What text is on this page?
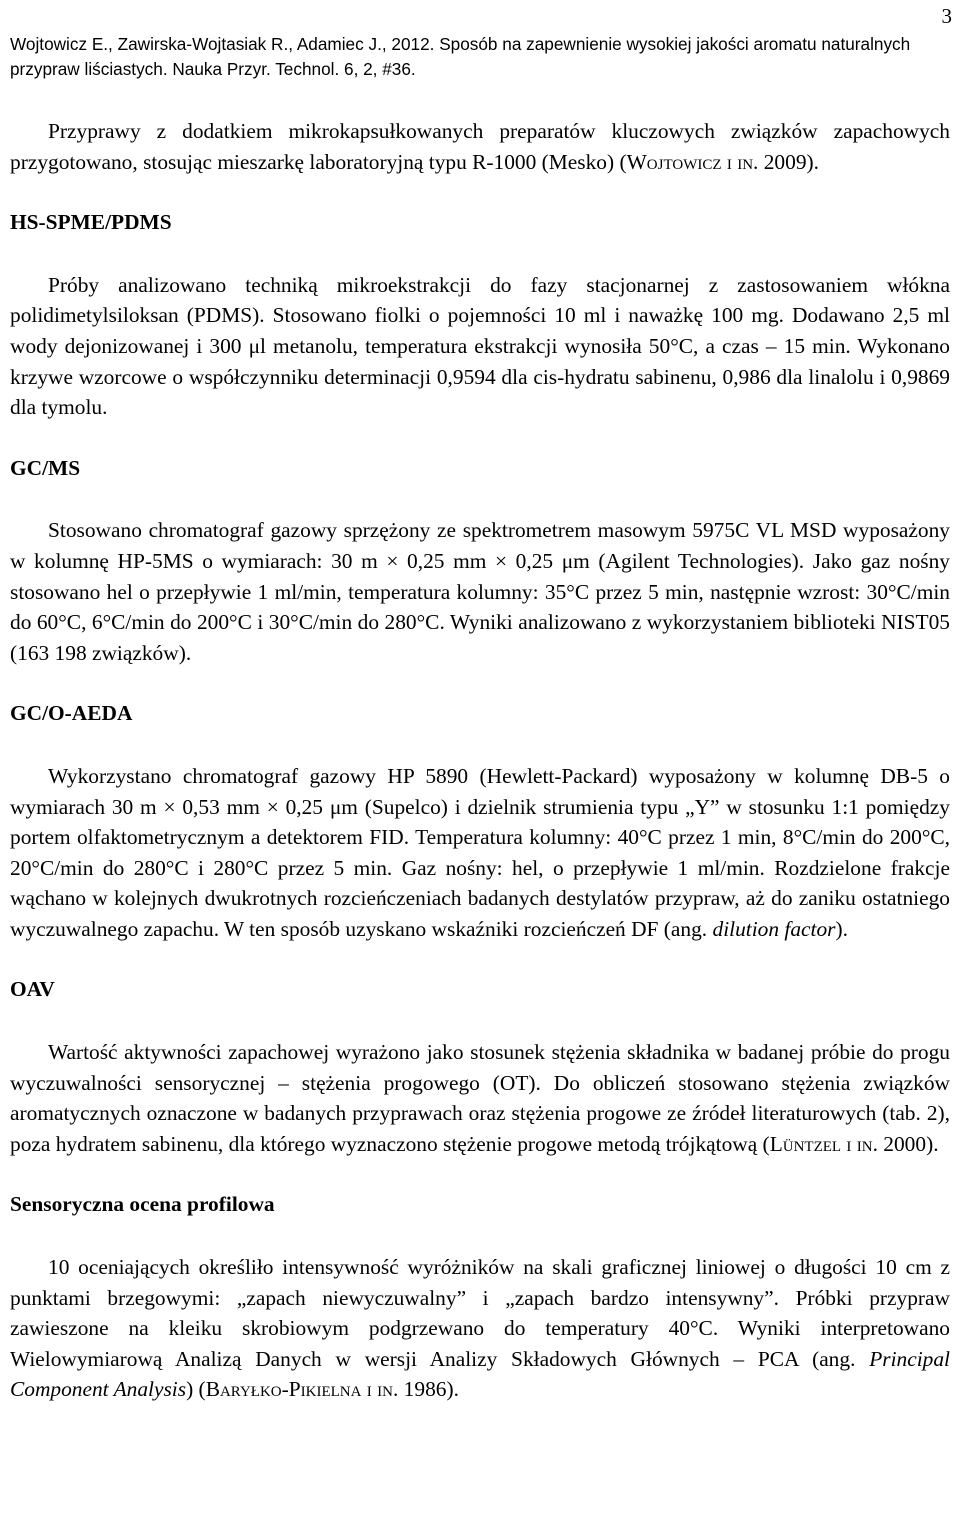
3
Wojtowicz E., Zawirska-Wojtasiak R., Adamiec J., 2012. Sposób na zapewnienie wysokiej jakości aromatu naturalnych przypraw liściastych. Nauka Przyr. Technol. 6, 2, #36.

Przyprawy z dodatkiem mikrokapsułkowanych preparatów kluczowych związków zapachowych przygotowano, stosując mieszarkę laboratoryjną typu R-1000 (Mesko) (Wojtowicz i in. 2009).

HS-SPME/PDMS

Próby analizowano techniką mikroekstrakcji do fazy stacjonarnej z zastosowaniem włókna polidimetylsiloksan (PDMS). Stosowano fiolki o pojemności 10 ml i naważkę 100 mg. Dodawano 2,5 ml wody dejonizowanej i 300 μl metanolu, temperatura ekstrakcji wynosiła 50°C, a czas – 15 min. Wykonano krzywe wzorcowe o współczynniku determinacji 0,9594 dla cis-hydratu sabinenu, 0,986 dla linalolu i 0,9869 dla tymolu.

GC/MS

Stosowano chromatograf gazowy sprzężony ze spektrometrem masowym 5975C VL MSD wyposażony w kolumnę HP-5MS o wymiarach: 30 m × 0,25 mm × 0,25 μm (Agilent Technologies). Jako gaz nośny stosowano hel o przepływie 1 ml/min, temperatura kolumny: 35°C przez 5 min, następnie wzrost: 30°C/min do 60°C, 6°C/min do 200°C i 30°C/min do 280°C. Wyniki analizowano z wykorzystaniem biblioteki NIST05 (163 198 związków).

GC/O-AEDA

Wykorzystano chromatograf gazowy HP 5890 (Hewlett-Packard) wyposażony w kolumnę DB-5 o wymiarach 30 m × 0,53 mm × 0,25 μm (Supelco) i dzielnik strumienia typu „Y” w stosunku 1:1 pomiędzy portem olfaktometrycznym a detektorem FID. Temperatura kolumny: 40°C przez 1 min, 8°C/min do 200°C, 20°C/min do 280°C i 280°C przez 5 min. Gaz nośny: hel, o przepływie 1 ml/min. Rozdzielone frakcje wąchano w kolejnych dwukrotnych rozcieńczeniach badanych destylatów przypraw, aż do zaniku ostatniego wyczuwalnego zapachu. W ten sposób uzyskano wskaźniki rozcieńczeń DF (ang. dilution factor).

OAV

Wartość aktywności zapachowej wyrażono jako stosunek stężenia składnika w badanej próbie do progu wyczuwalności sensorycznej – stężenia progowego (OT). Do obliczeń stosowano stężenia związków aromatycznych oznaczone w badanych przyprawach oraz stężenia progowe ze źródeł literaturowych (tab. 2), poza hydratem sabinenu, dla którego wyznaczono stężenie progowe metodą trójkątową (Lüntzel i in. 2000).

Sensoryczna ocena profilowa

10 oceniających określiło intensywność wyróżników na skali graficznej liniowej o długości 10 cm z punktami brzegowymi: „zapach niewyczuwalny” i „zapach bardzo intensywny”. Próbki przypraw zawieszone na kleiku skrobiowym podgrzewano do temperatury 40°C. Wyniki interpretowano Wielowymiarową Analizą Danych w wersji Analizy Składowych Głównych – PCA (ang. Principal Component Analysis) (Baryłko-Pikielna i in. 1986).
